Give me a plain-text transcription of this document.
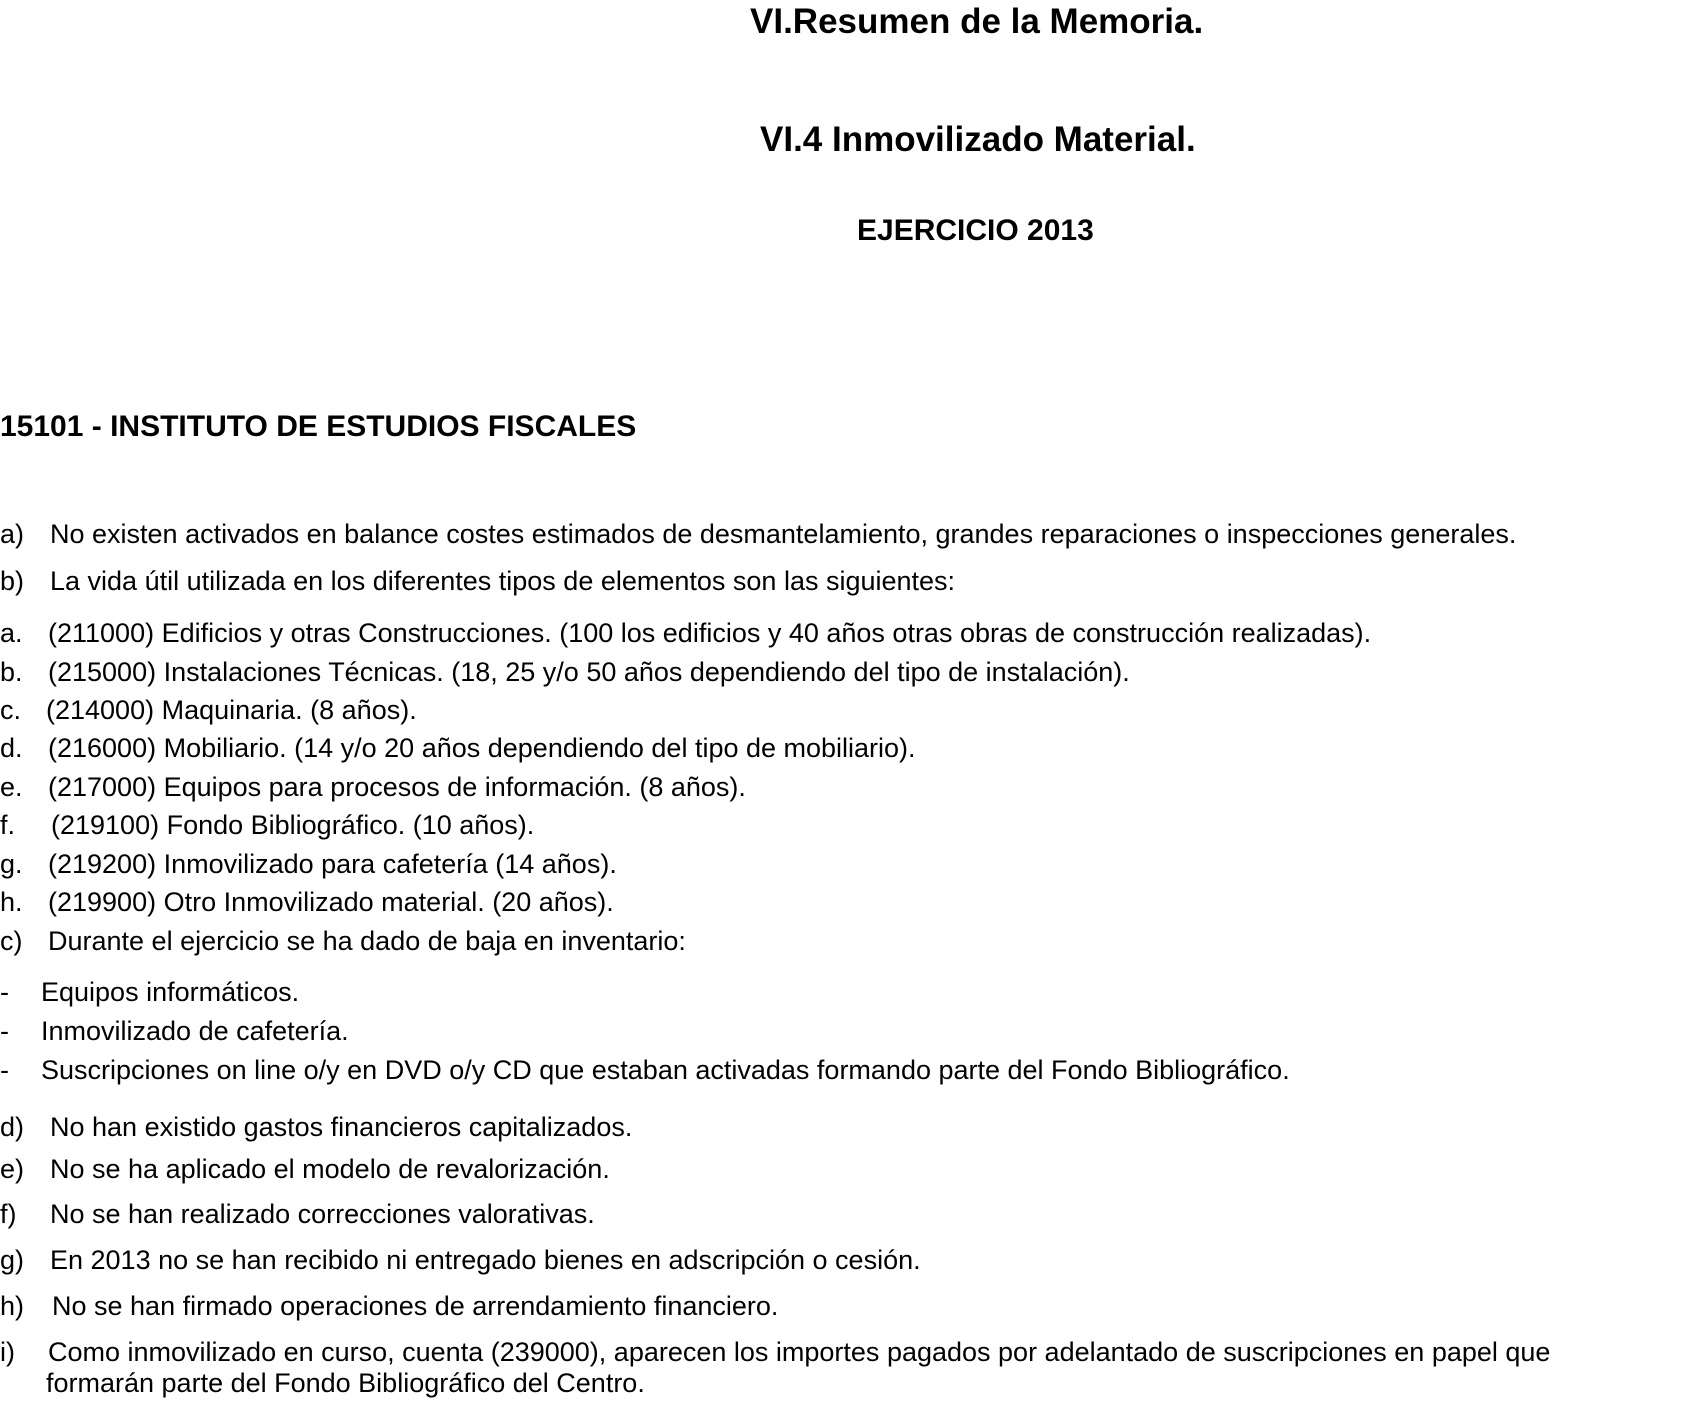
VI.Resumen de la Memoria.
VI.4 Inmovilizado Material.
EJERCICIO 2013
15101 - INSTITUTO DE ESTUDIOS FISCALES
a) No existen activados en balance costes estimados de desmantelamiento, grandes reparaciones o inspecciones generales.
b) La vida útil utilizada en los diferentes tipos de elementos son las siguientes:
a. (211000) Edificios y otras Construcciones. (100 los edificios y 40 años otras obras de construcción realizadas).
b. (215000) Instalaciones Técnicas. (18, 25 y/o 50 años dependiendo del tipo de instalación).
c. (214000) Maquinaria. (8 años).
d. (216000) Mobiliario. (14 y/o 20 años dependiendo del tipo de mobiliario).
e. (217000) Equipos para procesos de información. (8 años).
f. (219100) Fondo Bibliográfico. (10 años).
g. (219200) Inmovilizado para cafetería (14 años).
h. (219900) Otro Inmovilizado material. (20 años).
c) Durante el ejercicio se ha dado de baja en inventario:
- Equipos informáticos.
- Inmovilizado de cafetería.
- Suscripciones on line o/y en DVD o/y CD que estaban activadas formando parte del Fondo Bibliográfico.
d) No han existido gastos financieros capitalizados.
e) No se ha aplicado el modelo de revalorización.
f) No se han realizado correcciones valorativas.
g) En 2013 no se han recibido ni entregado bienes en adscripción o cesión.
h) No se han firmado operaciones de arrendamiento financiero.
i) Como inmovilizado en curso, cuenta (239000), aparecen los importes pagados por adelantado de suscripciones en papel que
formarán parte del Fondo Bibliográfico del Centro.
